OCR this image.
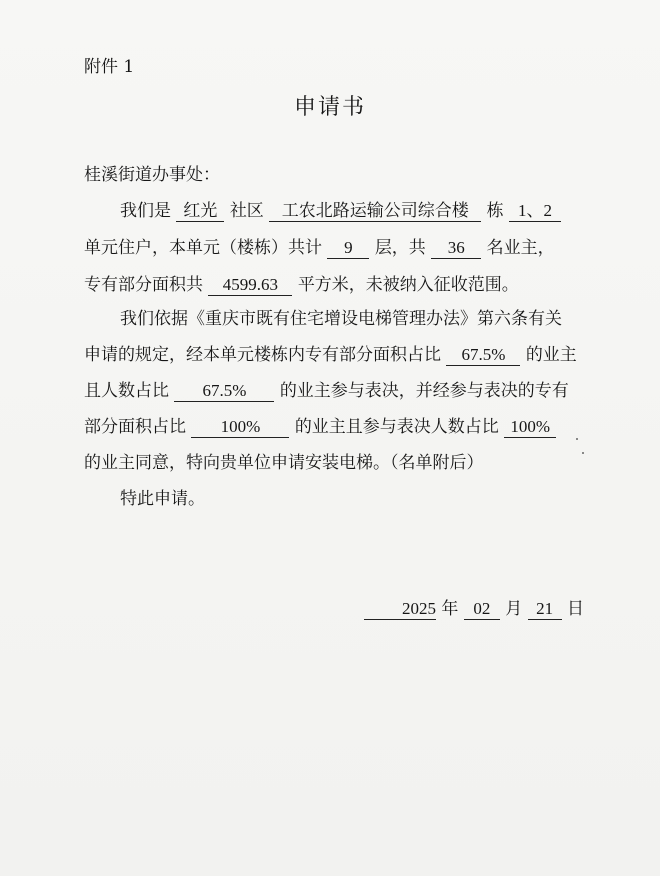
附件 1
申请书
桂溪街道办事处：
我们是 红光 社区 工农北路运输公司综合楼 栋 1、2
单元住户，本单元（楼栋）共计 9 层，共 36 名业主，
专有部分面积共 4599.63 平方米，未被纳入征收范围。
我们依据《重庆市既有住宅增设电梯管理办法》第六条有关
申请的规定，经本单元楼栋内专有部分面积占比 67.5% 的业主
且人数占比 67.5% 的业主参与表决，并经参与表决的专有
部分面积占比 100% 的业主且参与表决人数占比 100%
的业主同意，特向贵单位申请安装电梯。（名单附后）
特此申请。
2025 年 02 月 21 日
